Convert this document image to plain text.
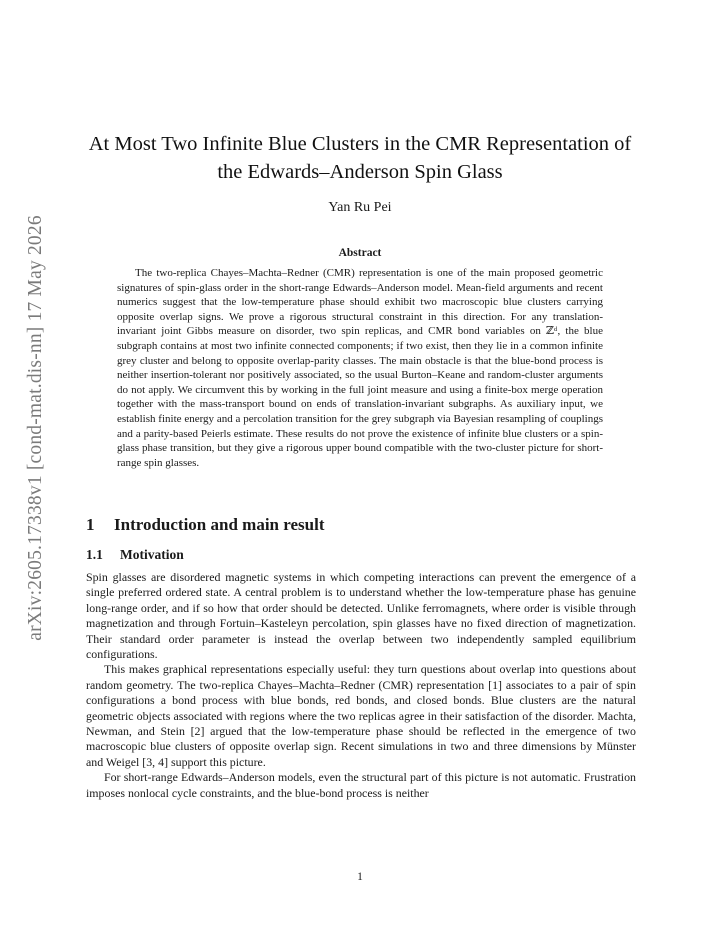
arXiv:2605.17338v1 [cond-mat.dis-nn] 17 May 2026
At Most Two Infinite Blue Clusters in the CMR Representation of the Edwards–Anderson Spin Glass
Yan Ru Pei
Abstract

The two-replica Chayes–Machta–Redner (CMR) representation is one of the main proposed geometric signatures of spin-glass order in the short-range Edwards–Anderson model. Mean-field arguments and recent numerics suggest that the low-temperature phase should exhibit two macroscopic blue clusters carrying opposite overlap signs. We prove a rigorous structural constraint in this direction. For any translation-invariant joint Gibbs measure on disorder, two spin replicas, and CMR bond variables on ℤᵈ, the blue subgraph contains at most two infinite connected components; if two exist, then they lie in a common infinite grey cluster and belong to opposite overlap-parity classes. The main obstacle is that the blue-bond process is neither insertion-tolerant nor positively associated, so the usual Burton–Keane and random-cluster arguments do not apply. We circumvent this by working in the full joint measure and using a finite-box merge operation together with the mass-transport bound on ends of translation-invariant subgraphs. As auxiliary input, we establish finite energy and a percolation transition for the grey subgraph via Bayesian resampling of couplings and a parity-based Peierls estimate. These results do not prove the existence of infinite blue clusters or a spin-glass phase transition, but they give a rigorous upper bound compatible with the two-cluster picture for short-range spin glasses.

1 Introduction and main result
1.1 Motivation

Spin glasses are disordered magnetic systems in which competing interactions can prevent the emergence of a single preferred ordered state. A central problem is to understand whether the low-temperature phase has genuine long-range order, and if so how that order should be detected. Unlike ferromagnets, where order is visible through magnetization and through Fortuin–Kasteleyn percolation, spin glasses have no fixed direction of magnetization. Their standard order parameter is instead the overlap between two independently sampled equilibrium configurations.

This makes graphical representations especially useful: they turn questions about overlap into questions about random geometry. The two-replica Chayes–Machta–Redner (CMR) representation [1] associates to a pair of spin configurations a bond process with blue bonds, red bonds, and closed bonds. Blue clusters are the natural geometric objects associated with regions where the two replicas agree in their satisfaction of the disorder. Machta, Newman, and Stein [2] argued that the low-temperature phase should be reflected in the emergence of two macroscopic blue clusters of opposite overlap sign. Recent simulations in two and three dimensions by Münster and Weigel [3, 4] support this picture.

For short-range Edwards–Anderson models, even the structural part of this picture is not automatic. Frustration imposes nonlocal cycle constraints, and the blue-bond process is neither

1
